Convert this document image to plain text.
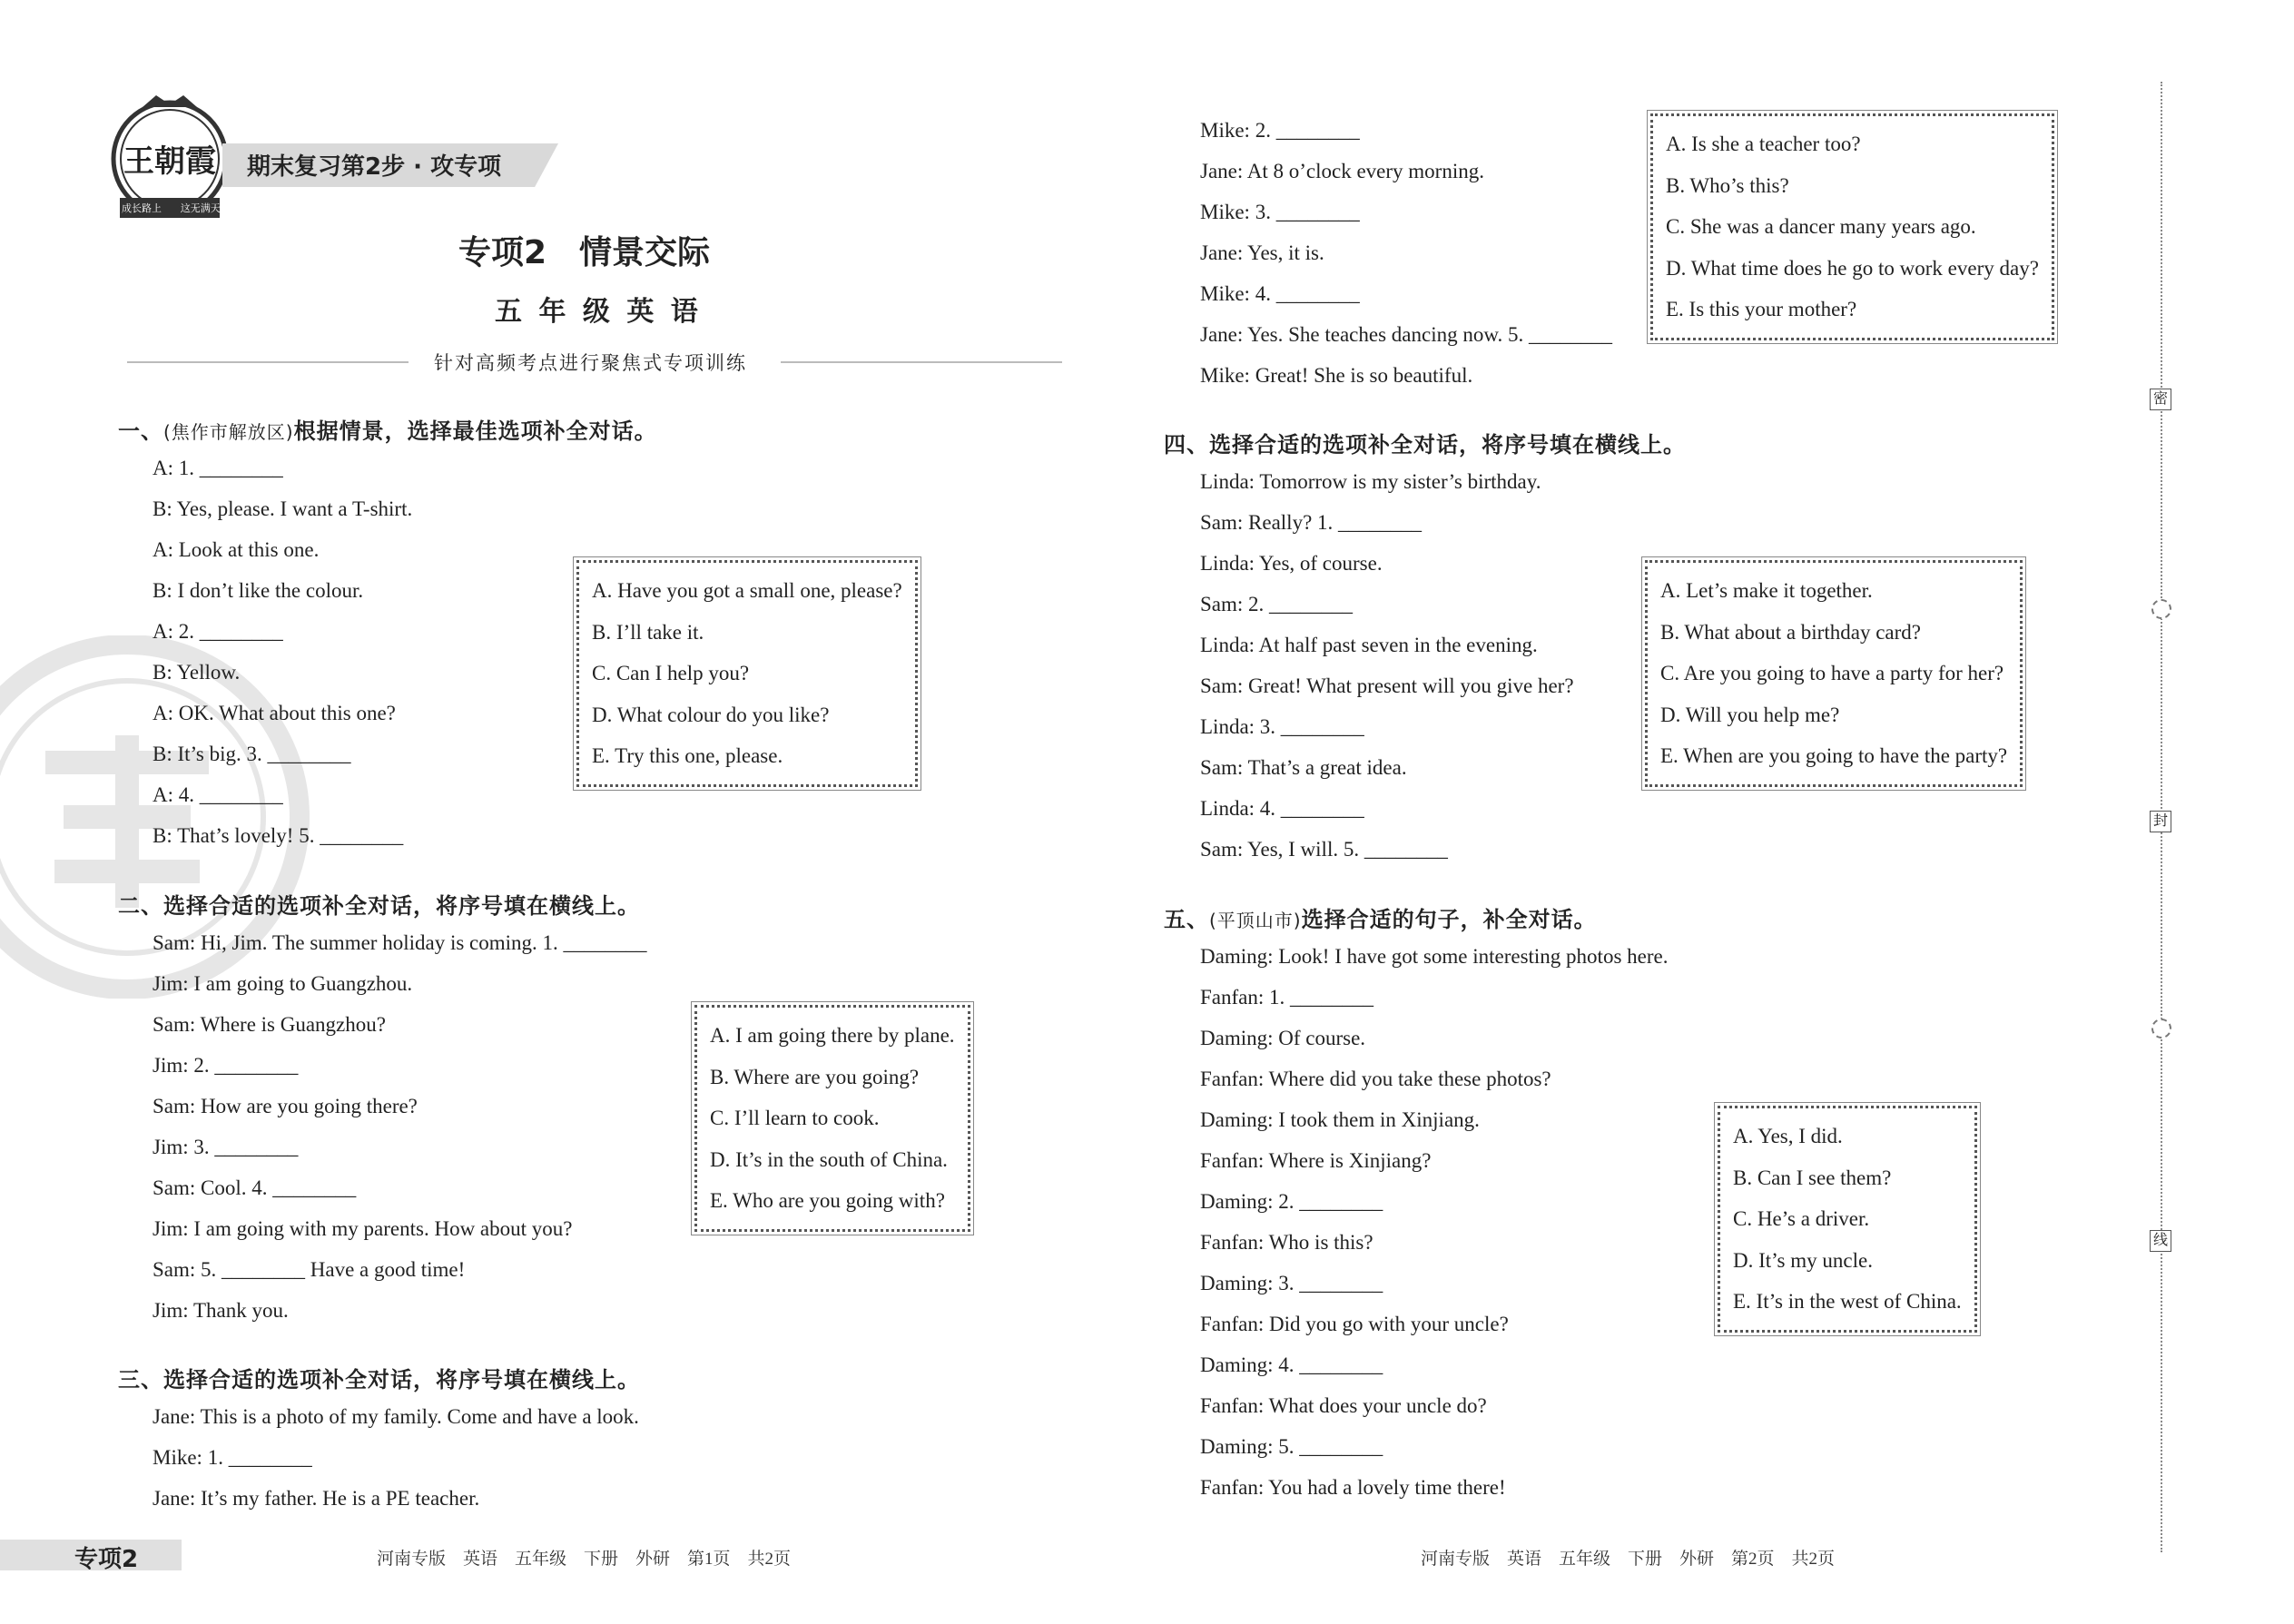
王朝霞
成长路上 这无满天
期末复习第2步 · 攻专项
专项2　情景交际
五 年 级 英 语
针对高频考点进行聚焦式专项训练
一、(焦作市解放区)根据情景，选择最佳选项补全对话。
A: 1. ________
B: Yes, please. I want a T-shirt.
A: Look at this one.
B: I don’t like the colour.
A: 2. ________
B: Yellow.
A: OK. What about this one?
B: It’s big. 3. ________
A: 4. ________
B: That’s lovely! 5. ________
A. Have you got a small one, please?
B. I’ll take it.
C. Can I help you?
D. What colour do you like?
E. Try this one, please.
二、选择合适的选项补全对话，将序号填在横线上。
Sam: Hi, Jim. The summer holiday is coming. 1. ________
Jim: I am going to Guangzhou.
Sam: Where is Guangzhou?
Jim: 2. ________
Sam: How are you going there?
Jim: 3. ________
Sam: Cool. 4. ________
Jim: I am going with my parents. How about you?
Sam: 5. ________ Have a good time!
Jim: Thank you.
A. I am going there by plane.
B. Where are you going?
C. I’ll learn to cook.
D. It’s in the south of China.
E. Who are you going with?
三、选择合适的选项补全对话，将序号填在横线上。
Jane: This is a photo of my family. Come and have a look.
Mike: 1. ________
Jane: It’s my father. He is a PE teacher.
Mike: 2. ________
Jane: At 8 o’clock every morning.
Mike: 3. ________
Jane: Yes, it is.
Mike: 4. ________
Jane: Yes. She teaches dancing now. 5. ________
Mike: Great! She is so beautiful.
A. Is she a teacher too?
B. Who’s this?
C. She was a dancer many years ago.
D. What time does he go to work every day?
E. Is this your mother?
四、选择合适的选项补全对话，将序号填在横线上。
Linda: Tomorrow is my sister’s birthday.
Sam: Really? 1. ________
Linda: Yes, of course.
Sam: 2. ________
Linda: At half past seven in the evening.
Sam: Great! What present will you give her?
Linda: 3. ________
Sam: That’s a great idea.
Linda: 4. ________
Sam: Yes, I will. 5. ________
A. Let’s make it together.
B. What about a birthday card?
C. Are you going to have a party for her?
D. Will you help me?
E. When are you going to have the party?
五、(平顶山市)选择合适的句子，补全对话。
Daming: Look! I have got some interesting photos here.
Fanfan: 1. ________
Daming: Of course.
Fanfan: Where did you take these photos?
Daming: I took them in Xinjiang.
Fanfan: Where is Xinjiang?
Daming: 2. ________
Fanfan: Who is this?
Daming: 3. ________
Fanfan: Did you go with your uncle?
Daming: 4. ________
Fanfan: What does your uncle do?
Daming: 5. ________
Fanfan: You had a lovely time there!
A. Yes, I did.
B. Can I see them?
C. He’s a driver.
D. It’s my uncle.
E. It’s in the west of China.
密
封
线
专项2	河南专版　英语　五年级　下册　外研　第1页　共2页	河南专版　英语　五年级　下册　外研　第2页　共2页
